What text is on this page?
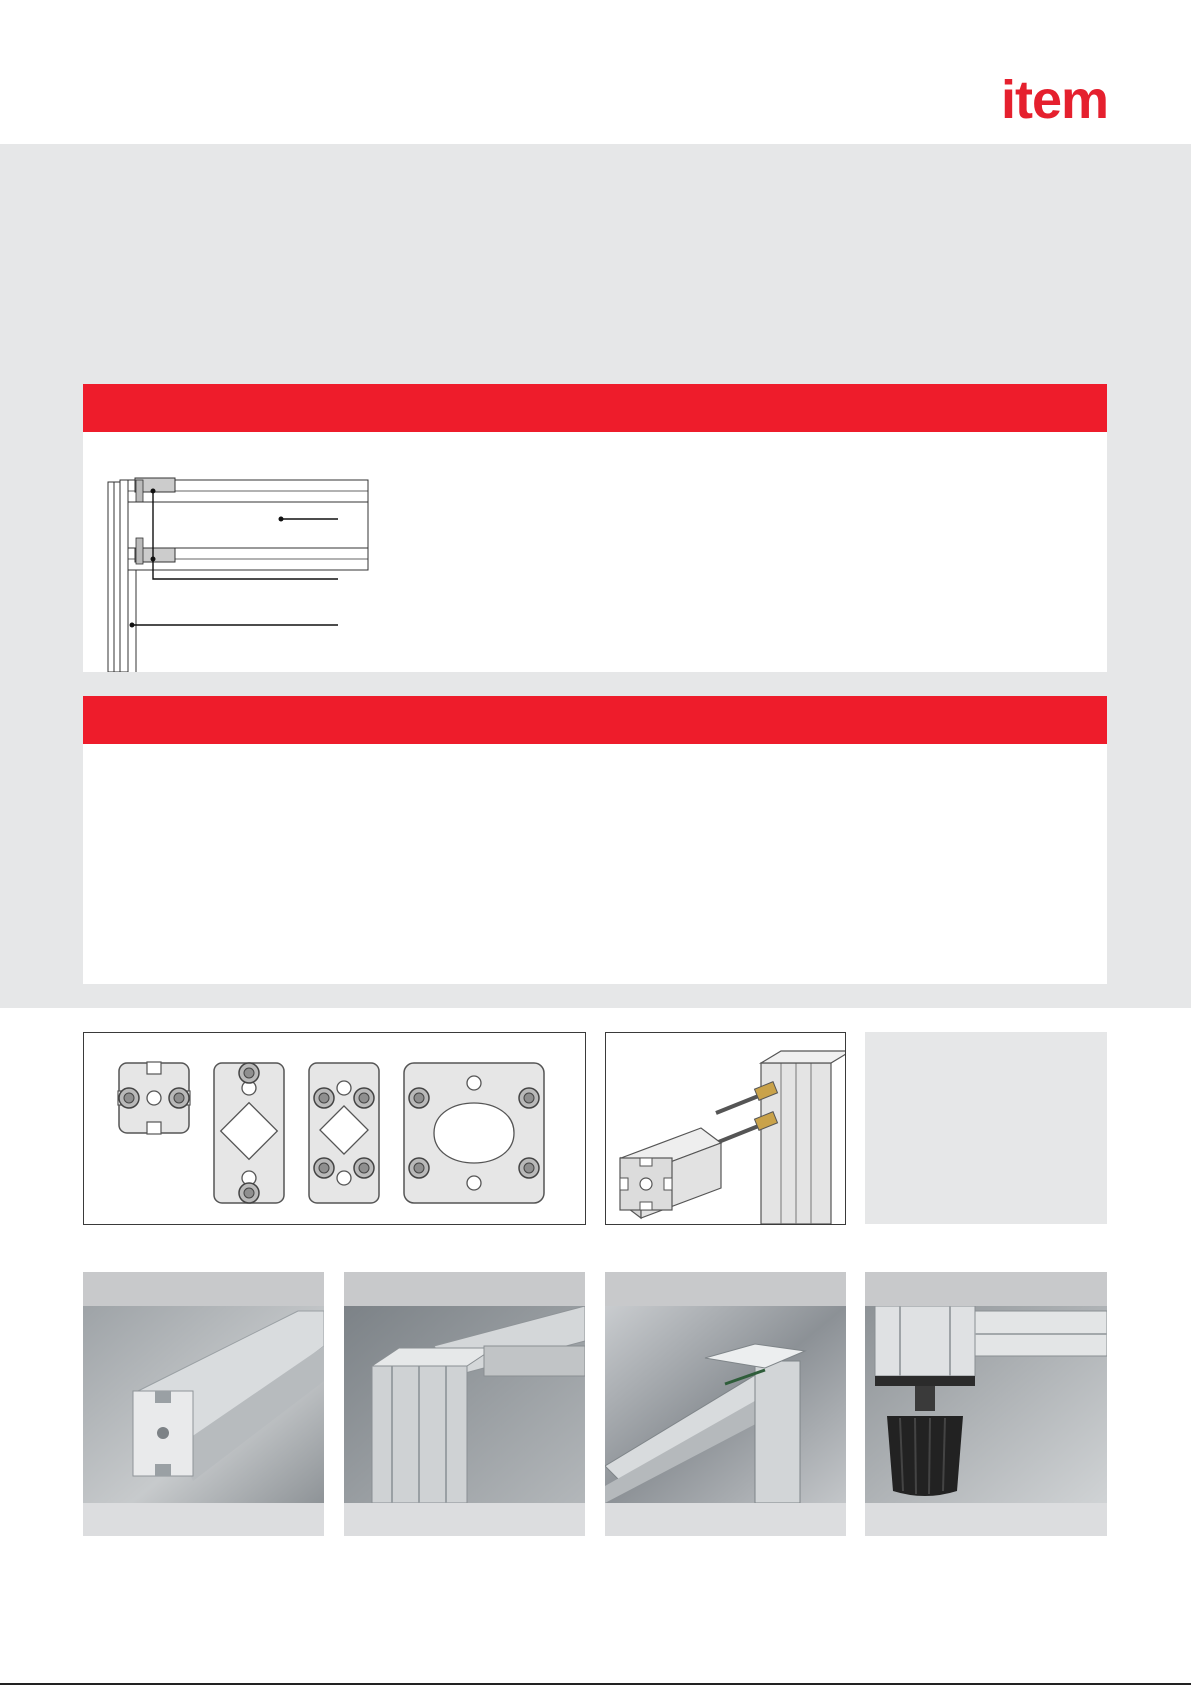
item
